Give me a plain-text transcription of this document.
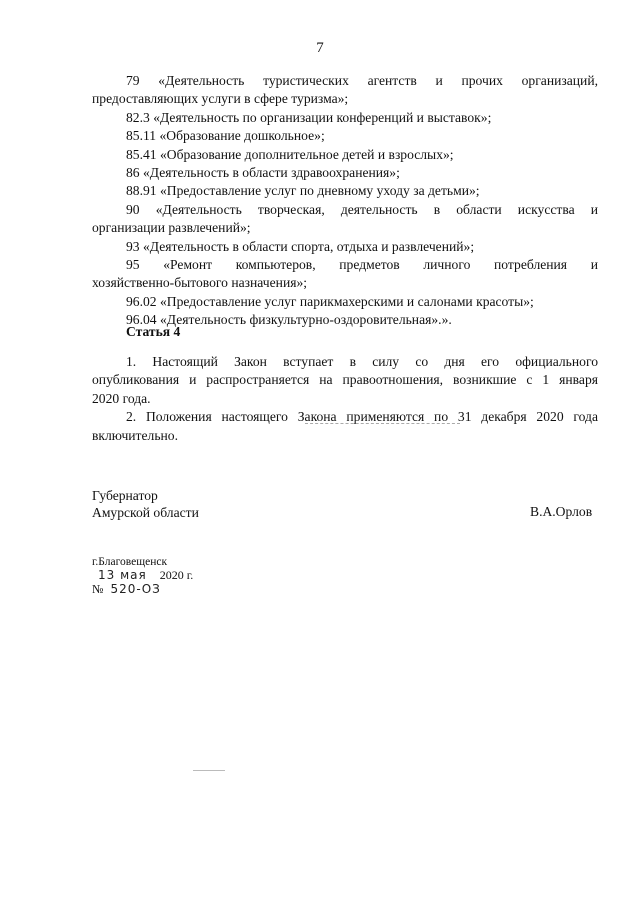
7

79 «Деятельность туристических агентств и прочих организаций,

предоставляющих услуги в сфере туризма»;

82.3 «Деятельность по организации конференций и выставок»;

85.11 «Образование дошкольное»;

85.41 «Образование дополнительное детей и взрослых»;

86 «Деятельность в области здравоохранения»;

88.91 «Предоставление услуг по дневному уходу за детьми»;

90 «Деятельность творческая, деятельность в области искусства и

организации развлечений»;

93 «Деятельность в области спорта, отдыха и развлечений»;

95 «Ремонт компьютеров, предметов личного потребления и

хозяйственно-бытового назначения»;

96.02 «Предоставление услуг парикмахерскими и салонами красоты»;

96.04 «Деятельность физкультурно-оздоровительная».».

Статья 4

1. Настоящий Закон вступает в силу со дня его официального

опубликования и распространяется на правоотношения, возникшие с 1 января

2020 года.

2. Положения настоящего Закона применяются по 31 декабря 2020 года

включительно.

Губернатор
Амурской области	В.А.Орлов
г.Благовещенск
13 мая 2020 г.
№ 520-ОЗ
